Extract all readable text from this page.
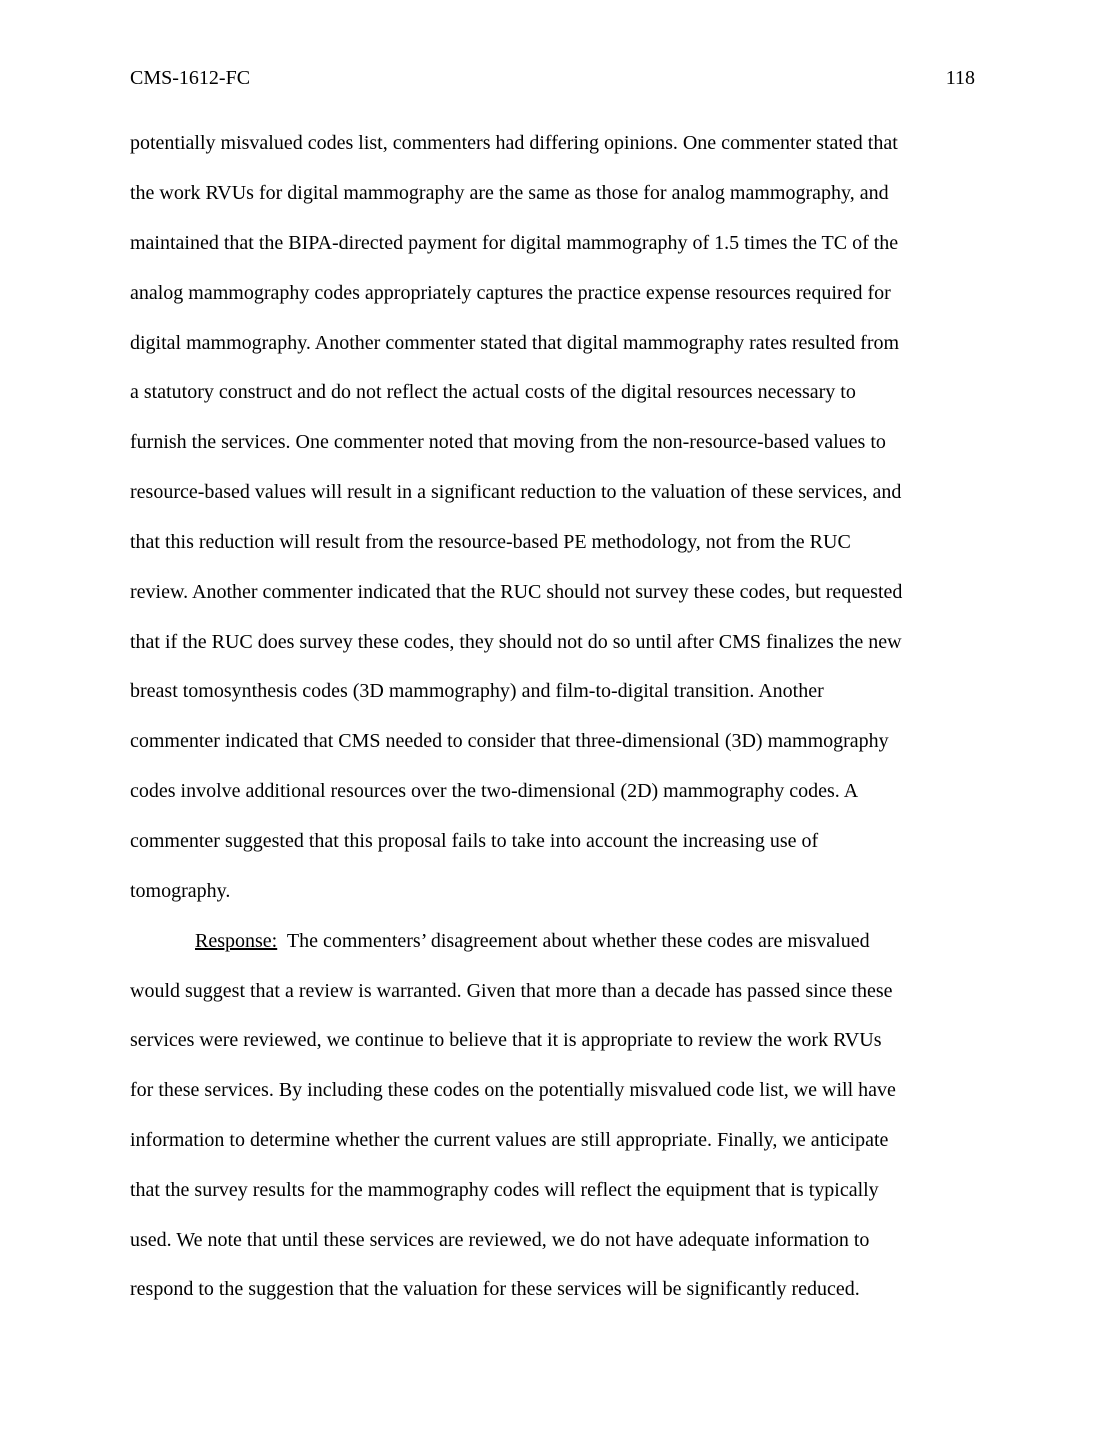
CMS-1612-FC	118
potentially misvalued codes list, commenters had differing opinions. One commenter stated that
the work RVUs for digital mammography are the same as those for analog mammography, and
maintained that the BIPA-directed payment for digital mammography of 1.5 times the TC of the
analog mammography codes appropriately captures the practice expense resources required for
digital mammography. Another commenter stated that digital mammography rates resulted from
a statutory construct and do not reflect the actual costs of the digital resources necessary to
furnish the services. One commenter noted that moving from the non-resource-based values to
resource-based values will result in a significant reduction to the valuation of these services, and
that this reduction will result from the resource-based PE methodology, not from the RUC
review. Another commenter indicated that the RUC should not survey these codes, but requested
that if the RUC does survey these codes, they should not do so until after CMS finalizes the new
breast tomosynthesis codes (3D mammography) and film-to-digital transition. Another
commenter indicated that CMS needed to consider that three-dimensional (3D) mammography
codes involve additional resources over the two-dimensional (2D) mammography codes. A
commenter suggested that this proposal fails to take into account the increasing use of
tomography.
Response:  The commenters’ disagreement about whether these codes are misvalued
would suggest that a review is warranted. Given that more than a decade has passed since these
services were reviewed, we continue to believe that it is appropriate to review the work RVUs
for these services. By including these codes on the potentially misvalued code list, we will have
information to determine whether the current values are still appropriate. Finally, we anticipate
that the survey results for the mammography codes will reflect the equipment that is typically
used. We note that until these services are reviewed, we do not have adequate information to
respond to the suggestion that the valuation for these services will be significantly reduced.
